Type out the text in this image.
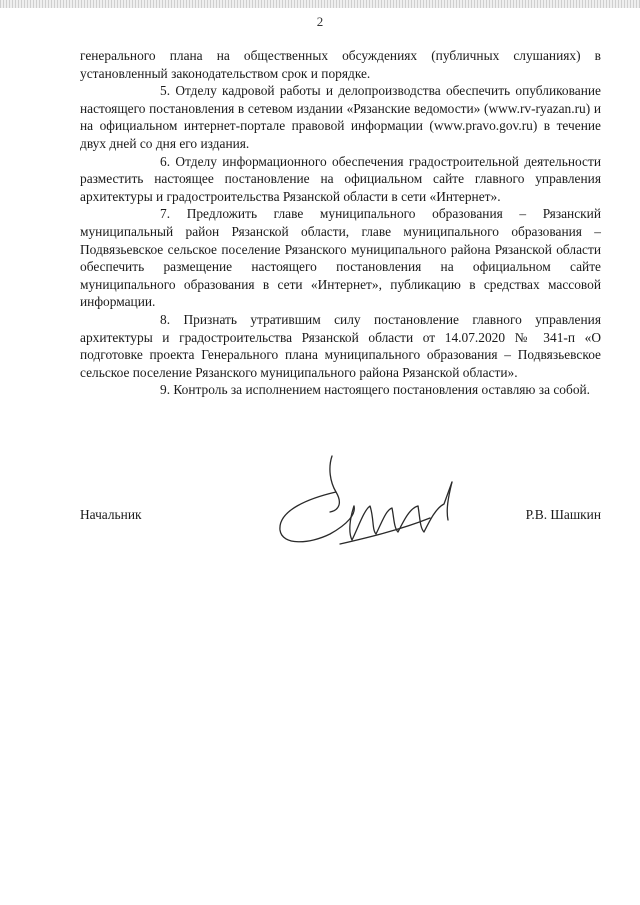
2

генерального плана на общественных обсуждениях (публичных слушаниях) в установленный законодательством срок и порядке.

5. Отделу кадровой работы и делопроизводства обеспечить опубликование настоящего постановления в сетевом издании «Рязанские ведомости» (www.rv-ryazan.ru) и на официальном интернет-портале правовой информации (www.pravo.gov.ru) в течение двух дней со дня его издания.

6. Отделу информационного обеспечения градостроительной деятельности разместить настоящее постановление на официальном сайте главного управления архитектуры и градостроительства Рязанской области в сети «Интернет».

7. Предложить главе муниципального образования – Рязанский муниципальный район Рязанской области, главе муниципального образования – Подвязьевское сельское поселение Рязанского муниципального района Рязанской области обеспечить размещение настоящего постановления на официальном сайте муниципального образования в сети «Интернет», публикацию в средствах массовой информации.

8. Признать утратившим силу постановление главного управления архитектуры и градостроительства Рязанской области от 14.07.2020 № 341-п «О подготовке проекта Генерального плана муниципального образования – Подвязьевское сельское поселение Рязанского муниципального района Рязанской области».

9. Контроль за исполнением настоящего постановления оставляю за собой.

Начальник	Р.В. Шашкин
